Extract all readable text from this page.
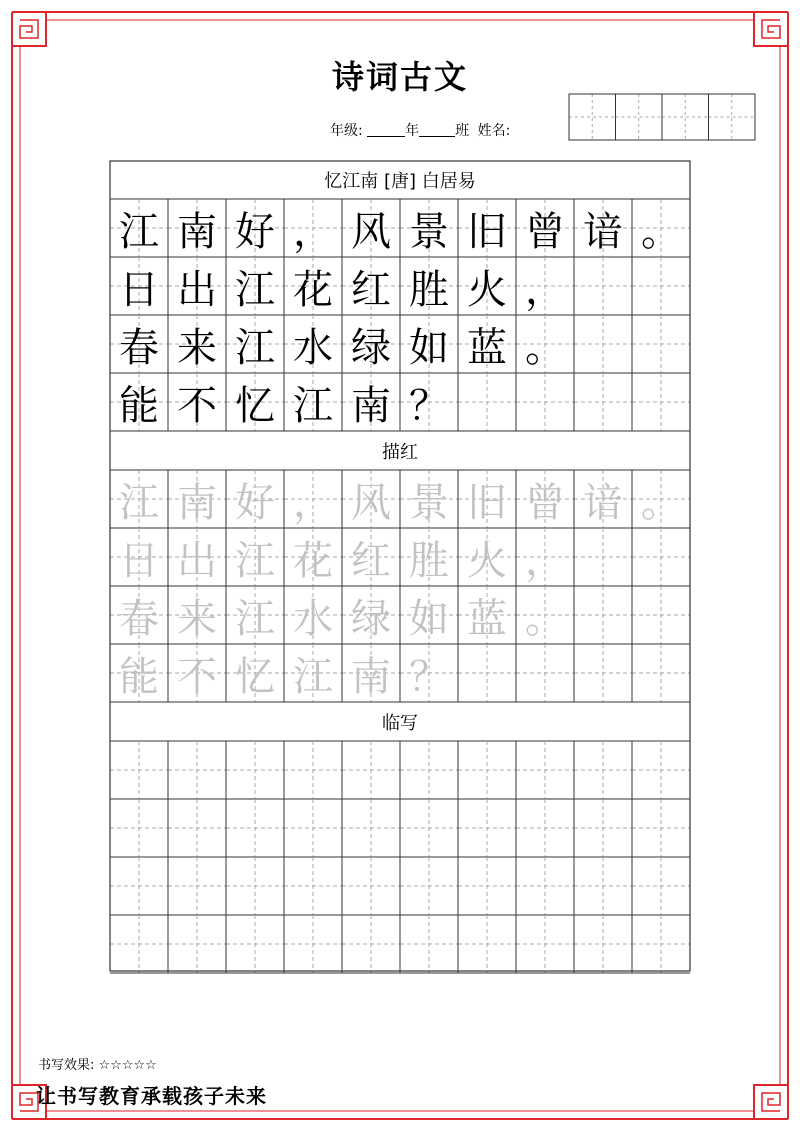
诗词古文
年级:	年	班 姓名:
忆江南 [唐] 白居易
江 南 好 ， 风 景 旧 曾 谙 。
日 出 江 花 红 胜 火 ，
春 来 江 水 绿 如 蓝 。
能 不 忆 江 南 ？
描红
江 南 好 ， 风 景 旧 曾 谙 。
日 出 江 花 红 胜 火 ，
春 来 江 水 绿 如 蓝 。
能 不 忆 江 南 ？
临写
书写效果: ☆☆☆☆☆
让书写教育承载孩子未来
